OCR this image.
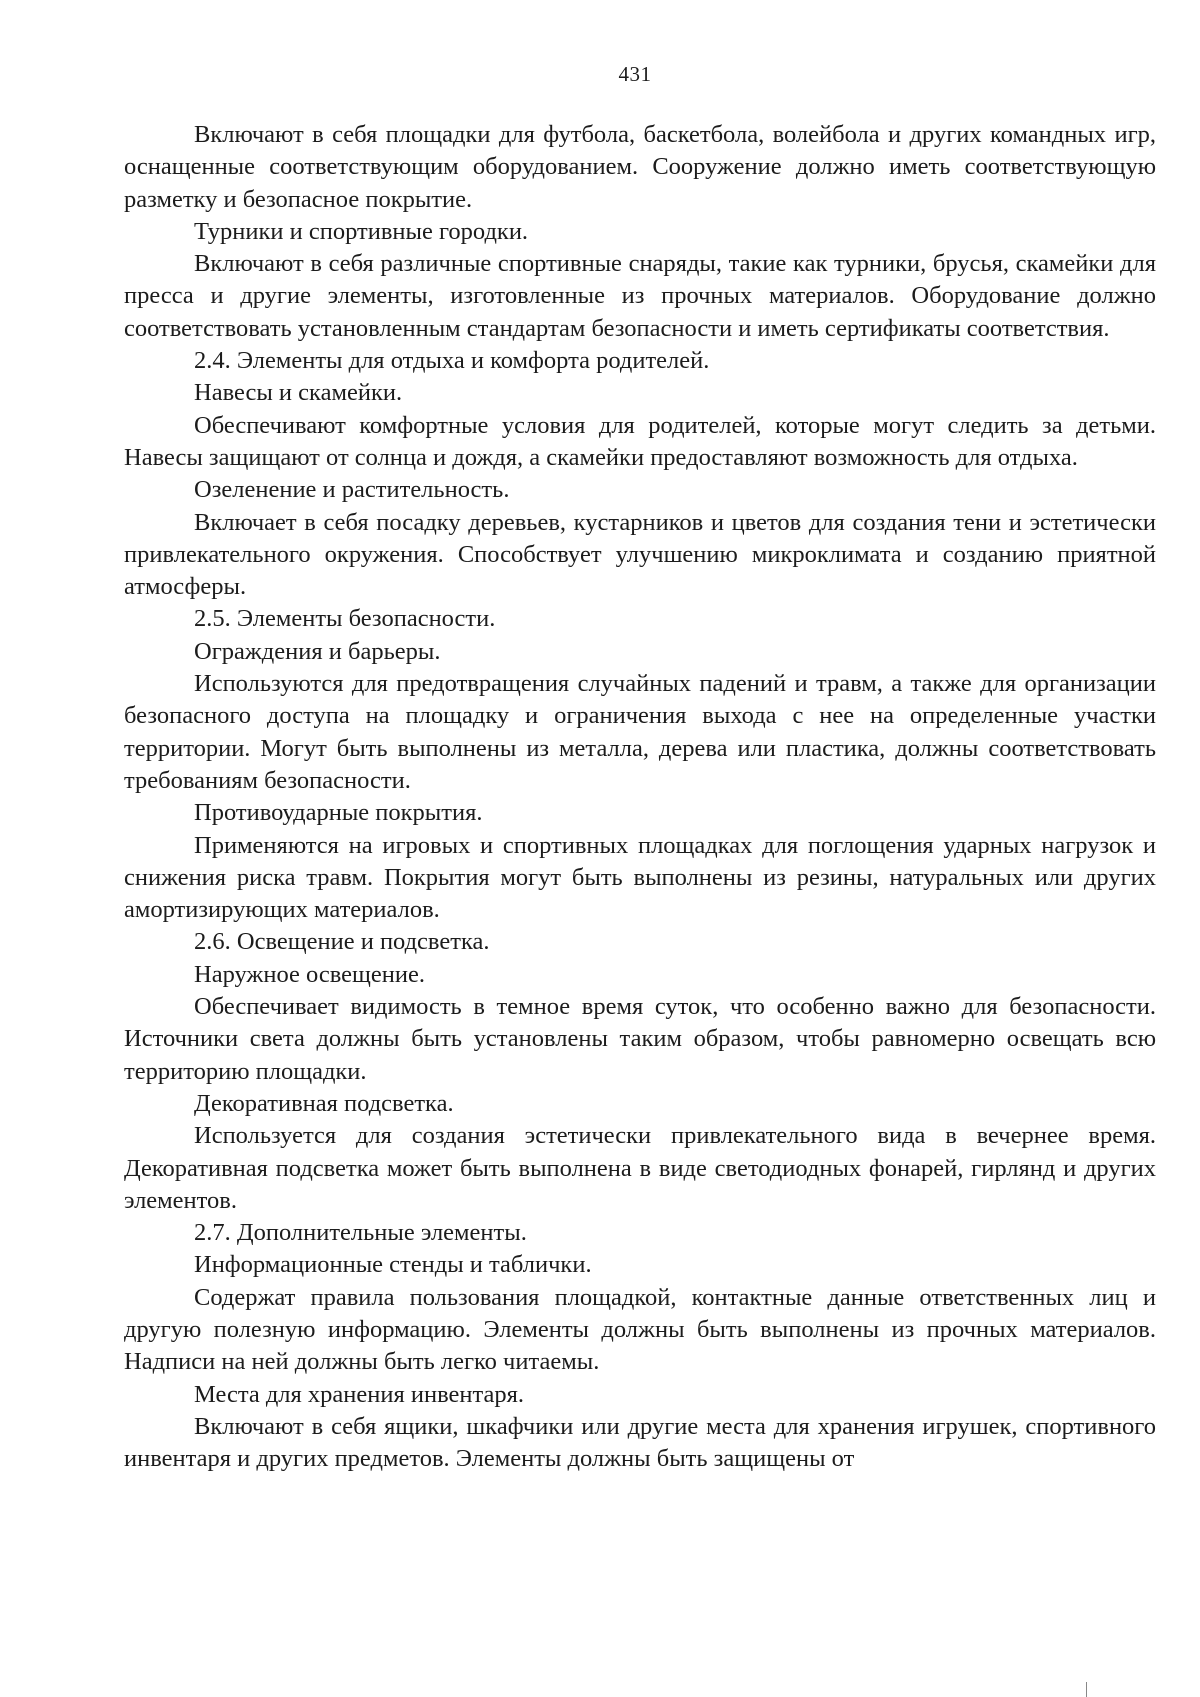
431

Включают в себя площадки для футбола, баскетбола, волейбола и других командных игр, оснащенные соответствующим оборудованием. Сооружение должно иметь соответствующую разметку и безопасное покрытие.

Турники и спортивные городки.

Включают в себя различные спортивные снаряды, такие как турники, брусья, скамейки для пресса и другие элементы, изготовленные из прочных материалов. Оборудование должно соответствовать установленным стандартам безопасности и иметь сертификаты соответствия.

2.4. Элементы для отдыха и комфорта родителей.

Навесы и скамейки.

Обеспечивают комфортные условия для родителей, которые могут следить за детьми. Навесы защищают от солнца и дождя, а скамейки предоставляют возможность для отдыха.

Озеленение и растительность.

Включает в себя посадку деревьев, кустарников и цветов для создания тени и эстетически привлекательного окружения. Способствует улучшению микроклимата и созданию приятной атмосферы.

2.5. Элементы безопасности.

Ограждения и барьеры.

Используются для предотвращения случайных падений и травм, а также для организации безопасного доступа на площадку и ограничения выхода с нее на определенные участки территории. Могут быть выполнены из металла, дерева или пластика, должны соответствовать требованиям безопасности.

Противоударные покрытия.

Применяются на игровых и спортивных площадках для поглощения ударных нагрузок и снижения риска травм. Покрытия могут быть выполнены из резины, натуральных или других амортизирующих материалов.

2.6. Освещение и подсветка.

Наружное освещение.

Обеспечивает видимость в темное время суток, что особенно важно для безопасности. Источники света должны быть установлены таким образом, чтобы равномерно освещать всю территорию площадки.

Декоративная подсветка.

Используется для создания эстетически привлекательного вида в вечернее время. Декоративная подсветка может быть выполнена в виде светодиодных фонарей, гирлянд и других элементов.

2.7. Дополнительные элементы.

Информационные стенды и таблички.

Содержат правила пользования площадкой, контактные данные ответственных лиц и другую полезную информацию. Элементы должны быть выполнены из прочных материалов. Надписи на ней должны быть легко читаемы.

Места для хранения инвентаря.

Включают в себя ящики, шкафчики или другие места для хранения игрушек, спортивного инвентаря и других предметов. Элементы должны быть защищены от
